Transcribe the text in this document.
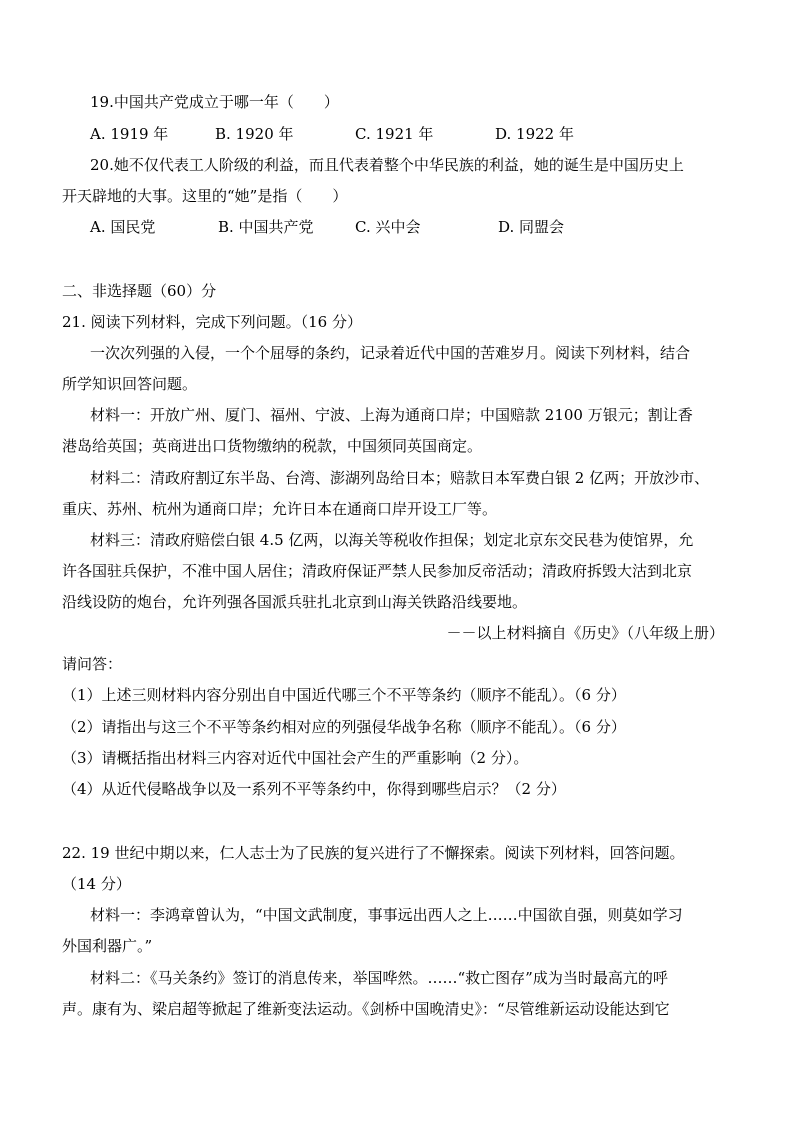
19.中国共产党成立于哪一年（　　）
A. 1919 年	B. 1920 年	C. 1921 年	D. 1922 年
20.她不仅代表工人阶级的利益，而且代表着整个中华民族的利益，她的诞生是中国历史上
开天辟地的大事。这里的“她”是指（　　）
A. 国民党	B. 中国共产党	C. 兴中会	D. 同盟会
二、非选择题（60）分
21. 阅读下列材料，完成下列问题。（16 分）
一次次列强的入侵，一个个屈辱的条约，记录着近代中国的苦难岁月。阅读下列材料，结合
所学知识回答问题。
材料一：开放广州、厦门、福州、宁波、上海为通商口岸；中国赔款 2100 万银元；割让香
港岛给英国；英商进出口货物缴纳的税款，中国须同英国商定。
材料二：清政府割辽东半岛、台湾、澎湖列岛给日本；赔款日本军费白银 2 亿两；开放沙市、
重庆、苏州、杭州为通商口岸；允许日本在通商口岸开设工厂等。
材料三：清政府赔偿白银 4.5 亿两，以海关等税收作担保；划定北京东交民巷为使馆界，允
许各国驻兵保护，不准中国人居住；清政府保证严禁人民参加反帝活动；清政府拆毁大沽到北京
沿线设防的炮台，允许列强各国派兵驻扎北京到山海关铁路沿线要地。
－－以上材料摘自《历史》（八年级上册）
请问答：
（1）上述三则材料内容分别出自中国近代哪三个不平等条约（顺序不能乱）。（6 分）
（2）请指出与这三个不平等条约相对应的列强侵华战争名称（顺序不能乱）。（6 分）
（3）请概括指出材料三内容对近代中国社会产生的严重影响（2 分）。
（4）从近代侵略战争以及一系列不平等条约中，你得到哪些启示？（2 分）
22. 19 世纪中期以来，仁人志士为了民族的复兴进行了不懈探索。阅读下列材料，回答问题。
（14 分）
材料一：李鸿章曾认为，“中国文武制度，事事远出西人之上……中国欲自强，则莫如学习
外国利器广。”
材料二：《马关条约》签订的消息传来，举国哗然。……“救亡图存”成为当时最高亢的呼
声。康有为、梁启超等掀起了维新变法运动。《剑桥中国晚清史》：“尽管维新运动设能达到它
